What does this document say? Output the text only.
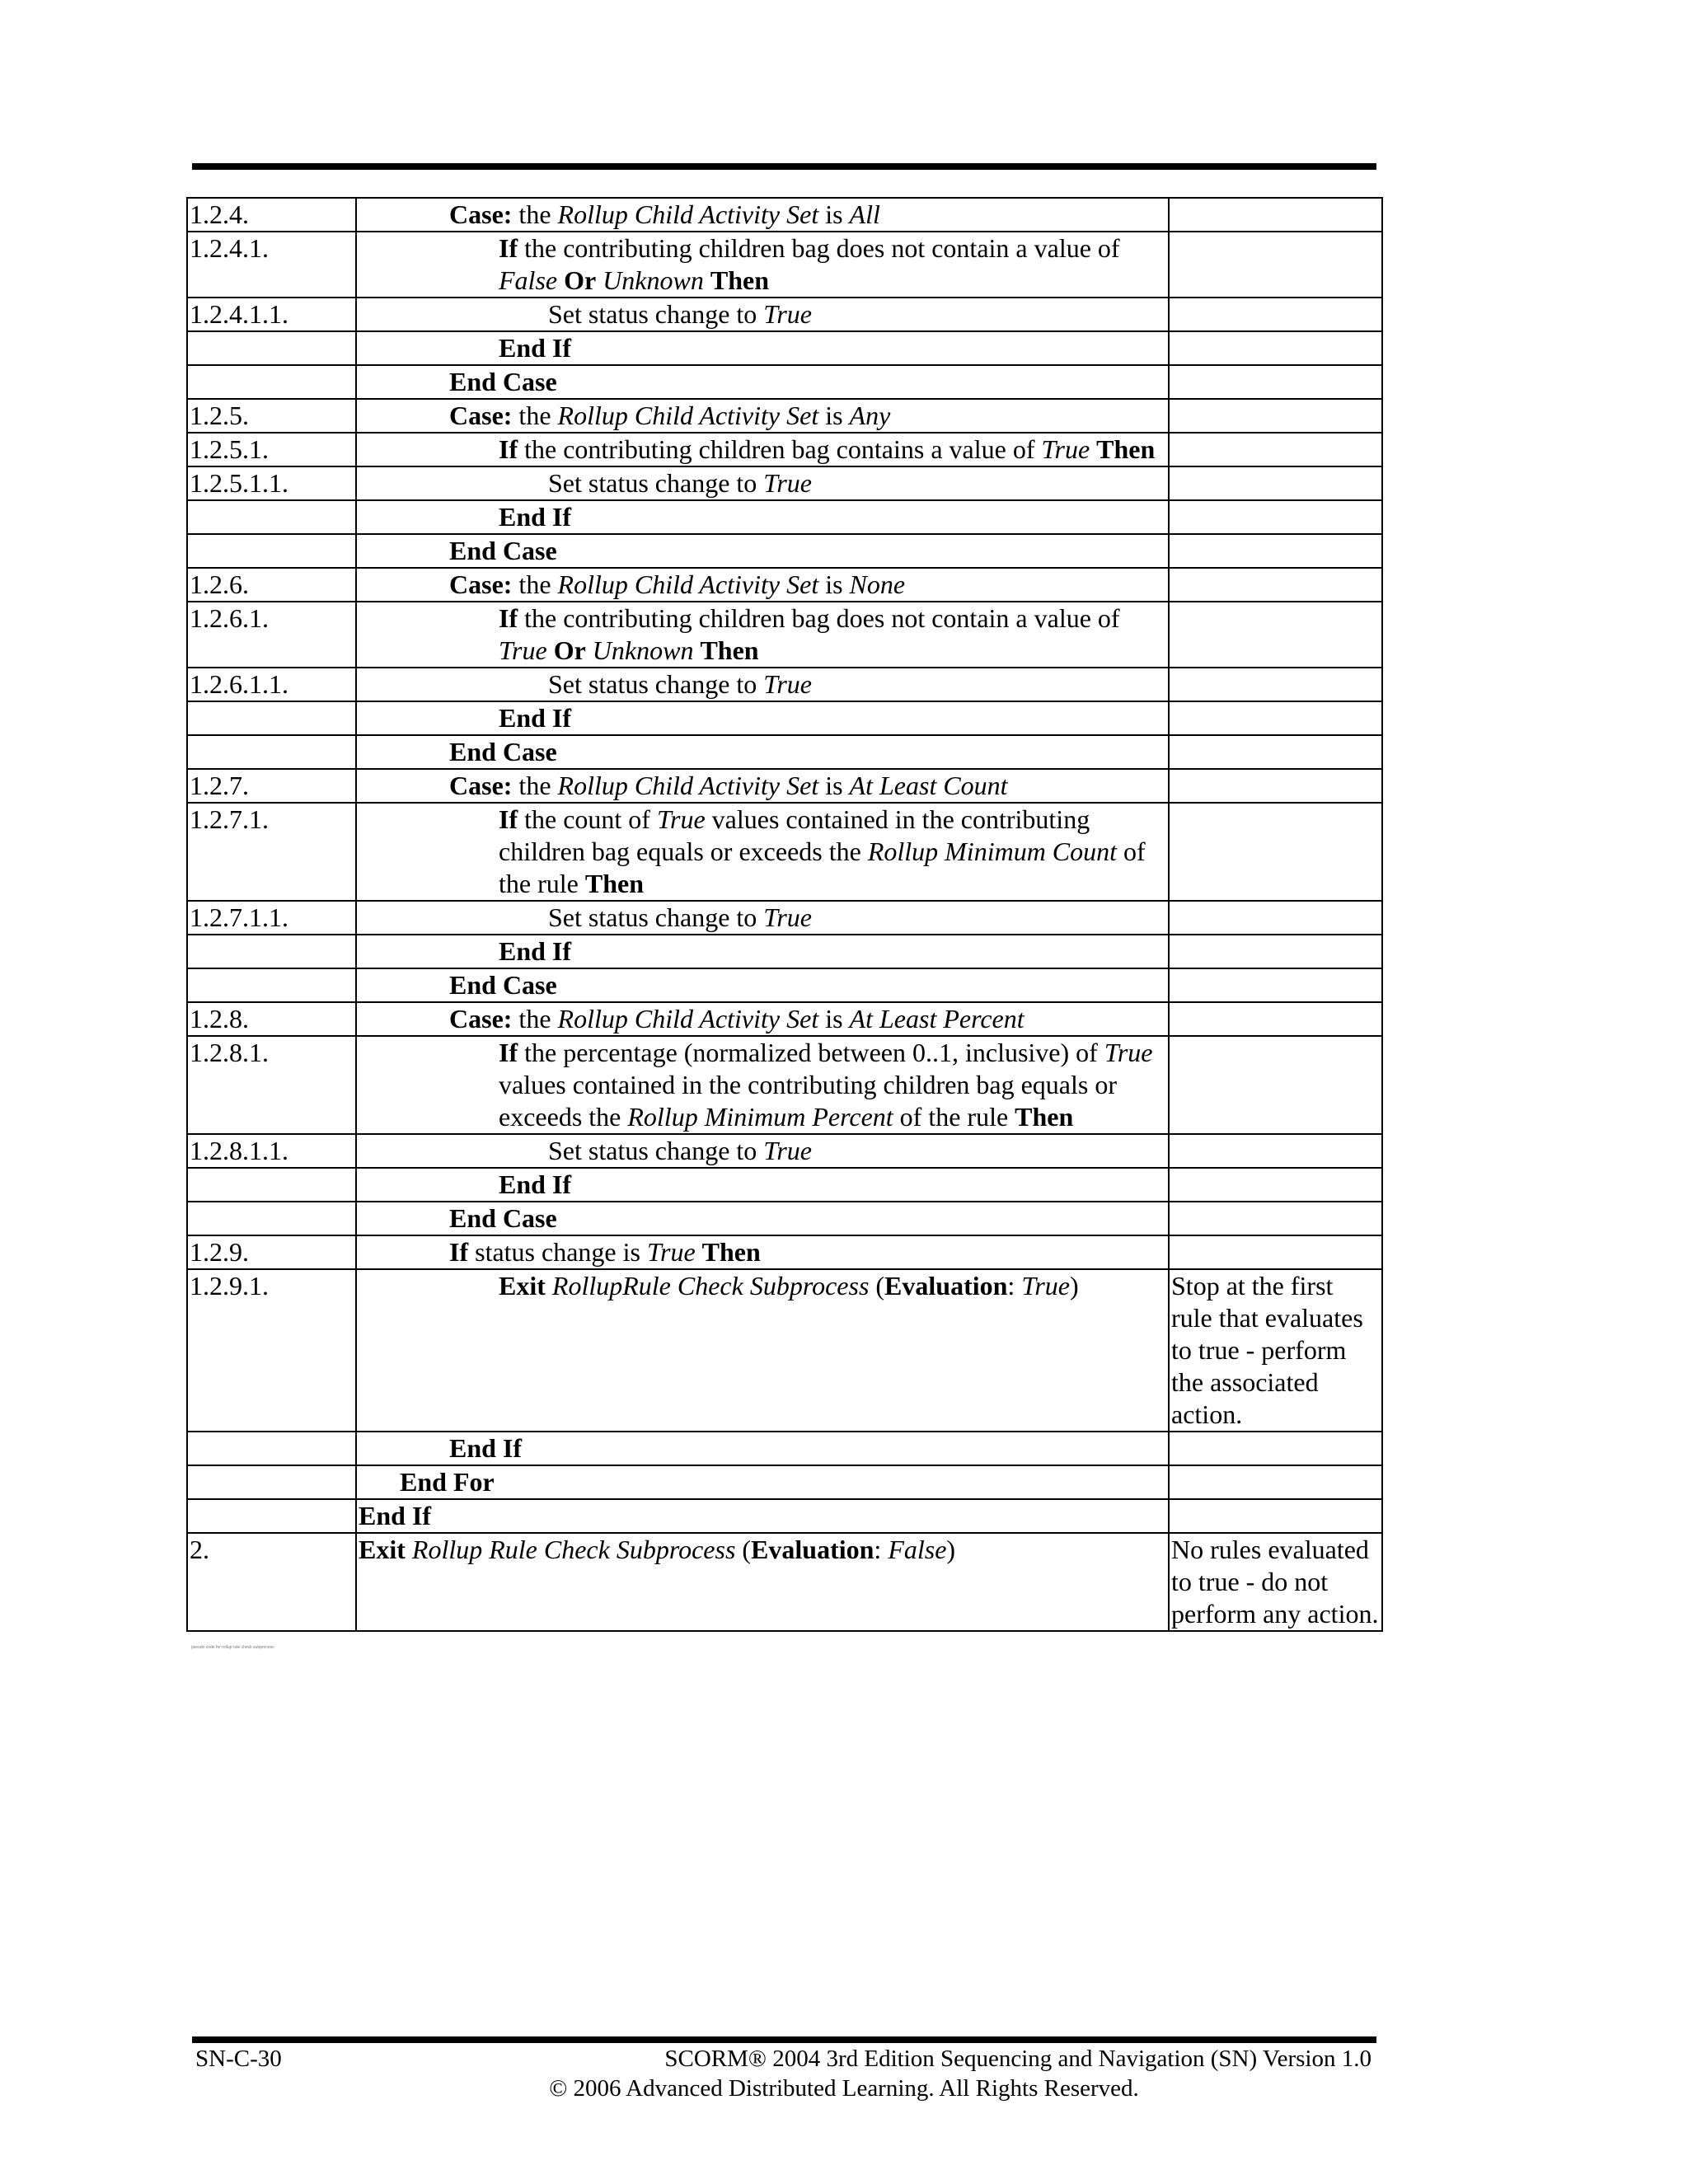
1.2.4.	Case: the Rollup Child Activity Set is All	

1.2.4.1.	If the contributing children bag does not contain a value of False Or Unknown Then	

1.2.4.1.1.	Set status change to True	

	End If	

	End Case	

1.2.5.	Case: the Rollup Child Activity Set is Any	

1.2.5.1.	If the contributing children bag contains a value of True Then	

1.2.5.1.1.	Set status change to True	

	End If	

	End Case	

1.2.6.	Case: the Rollup Child Activity Set is None	

1.2.6.1.	If the contributing children bag does not contain a value of True Or Unknown Then	

1.2.6.1.1.	Set status change to True	

	End If	

	End Case	

1.2.7.	Case: the Rollup Child Activity Set is At Least Count	

1.2.7.1.	If the count of True values contained in the contributing children bag equals or exceeds the Rollup Minimum Count of the rule Then	

1.2.7.1.1.	Set status change to True	

	End If	

	End Case	

1.2.8.	Case: the Rollup Child Activity Set is At Least Percent	

1.2.8.1.	If the percentage (normalized between 0..1, inclusive) of True values contained in the contributing children bag equals or exceeds the Rollup Minimum Percent of the rule Then	

1.2.8.1.1.	Set status change to True	

	End If	

	End Case	

1.2.9.	If status change is True Then	

1.2.9.1.	Exit RollupRule Check Subprocess (Evaluation: True)	Stop at the first rule that evaluates to true - perform the associated action.

	End If	

	End For	

	End If	

2.	Exit Rollup Rule Check Subprocess (Evaluation: False)	No rules evaluated to true - do not perform any action.
pseudo code for rollup rule check subprocess
SN-C-30	SCORM® 2004 3rd Edition Sequencing and Navigation (SN) Version 1.0
© 2006 Advanced Distributed Learning. All Rights Reserved.
